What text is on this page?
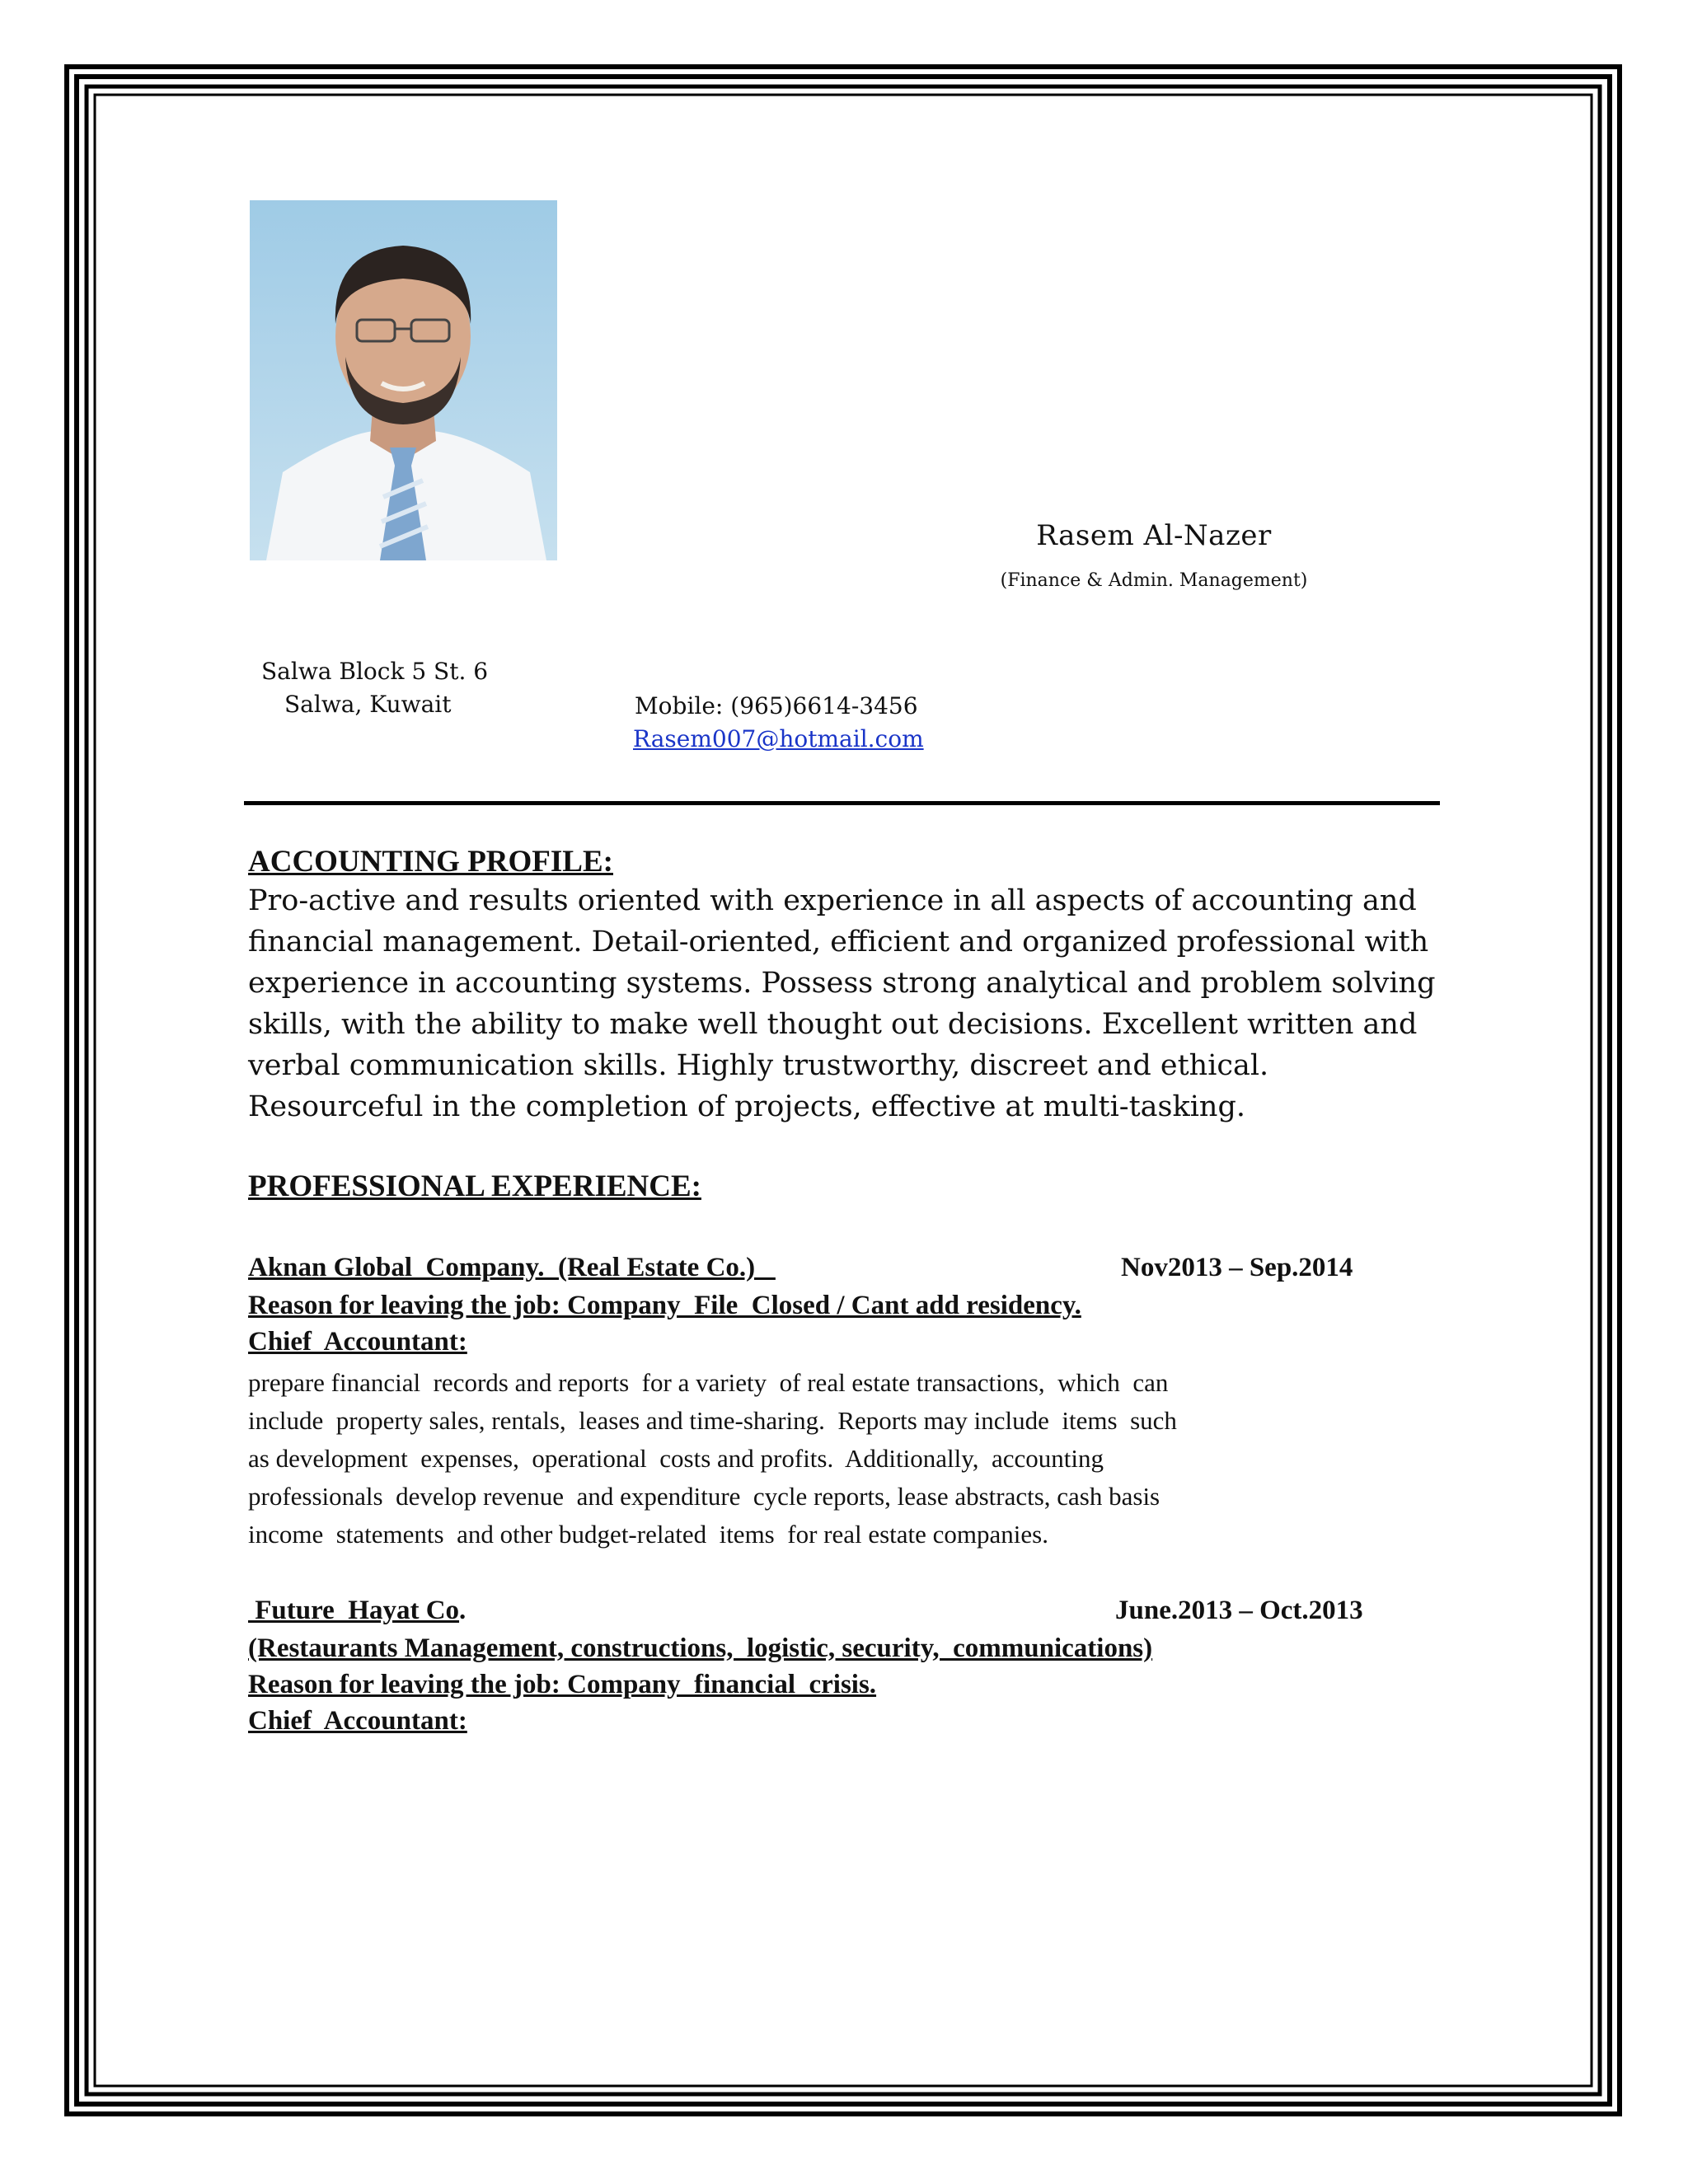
Rasem Al-Nazer
(Finance & Admin. Management)
Salwa Block 5 St. 6
Salwa, Kuwait	Mobile: (965)6614-3456
Rasem007@hotmail.com
ACCOUNTING PROFILE:
Pro-active and results oriented with experience in all aspects of accounting and
financial management. Detail-oriented, efficient and organized professional with
experience in accounting systems. Possess strong analytical and problem solving
skills, with the ability to make well thought out decisions. Excellent written and
verbal communication skills. Highly trustworthy, discreet and ethical.
Resourceful in the completion of projects, effective at multi-tasking.
PROFESSIONAL EXPERIENCE:
Aknan Global  Company.  (Real Estate Co.)	Nov2013 – Sep.2014
Reason for leaving the job: Company  File  Closed / Cant add residency.
Chief  Accountant:
prepare financial  records and reports  for a variety  of real estate transactions,  which  can
include  property sales, rentals,  leases and time-sharing.  Reports may include  items  such
as development  expenses,  operational  costs and profits.  Additionally,  accounting
professionals  develop revenue  and expenditure  cycle reports, lease abstracts, cash basis
income  statements  and other budget-related  items  for real estate companies.
Future  Hayat Co.	June.2013 – Oct.2013
(Restaurants Management, constructions,  logistic, security,  communications)
Reason for leaving the job: Company  financial  crisis.
Chief  Accountant:
